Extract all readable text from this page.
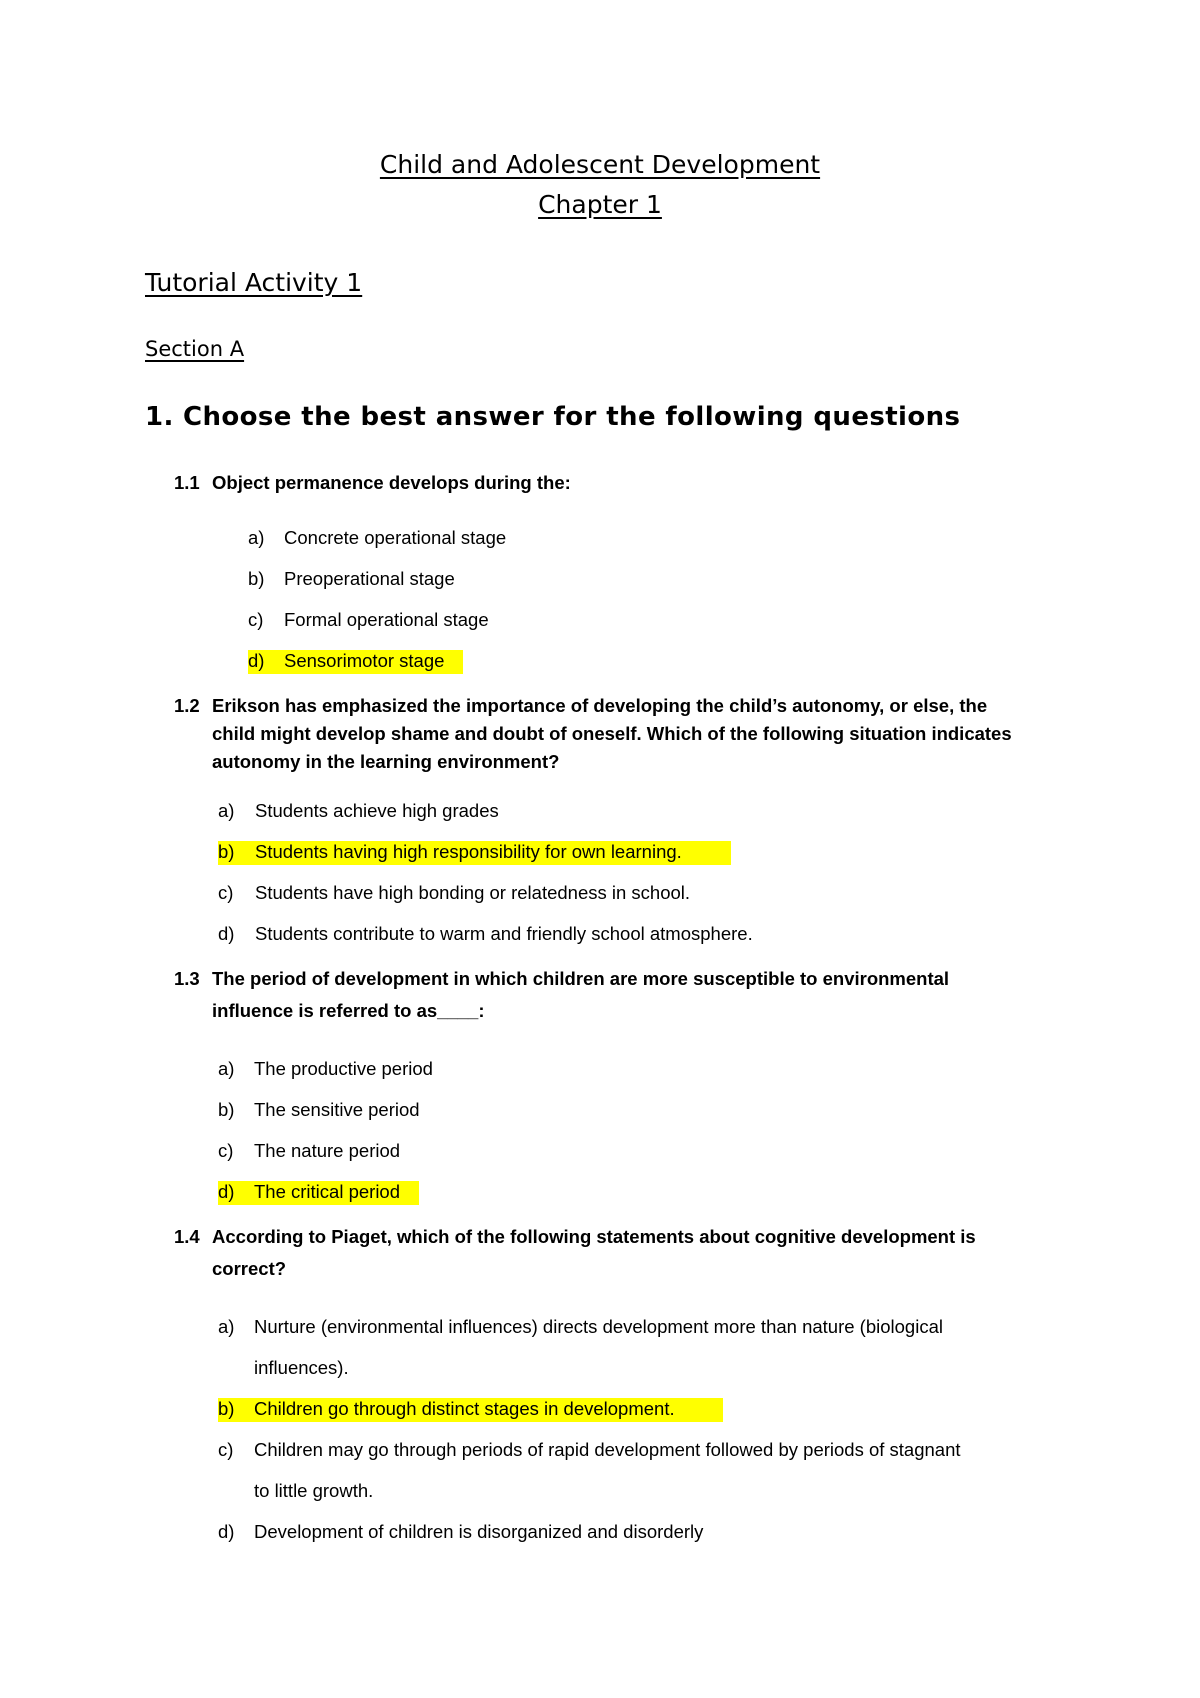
Child and Adolescent Development
Chapter 1
Tutorial Activity 1
Section A
1. Choose the best answer for the following questions
1.1 Object permanence develops during the:
a) Concrete operational stage
b) Preoperational stage
c) Formal operational stage
d) Sensorimotor stage
1.2 Erikson has emphasized the importance of developing the child’s autonomy, or else, the
child might develop shame and doubt of oneself. Which of the following situation indicates
autonomy in the learning environment?
a) Students achieve high grades
b) Students having high responsibility for own learning.
c) Students have high bonding or relatedness in school.
d) Students contribute to warm and friendly school atmosphere.
1.3 The period of development in which children are more susceptible to environmental
influence is referred to as____:
a) The productive period
b) The sensitive period
c) The nature period
d) The critical period
1.4 According to Piaget, which of the following statements about cognitive development is
correct?
a) Nurture (environmental influences) directs development more than nature (biological
influences).
b) Children go through distinct stages in development.
c) Children may go through periods of rapid development followed by periods of stagnant
to little growth.
d) Development of children is disorganized and disorderly
